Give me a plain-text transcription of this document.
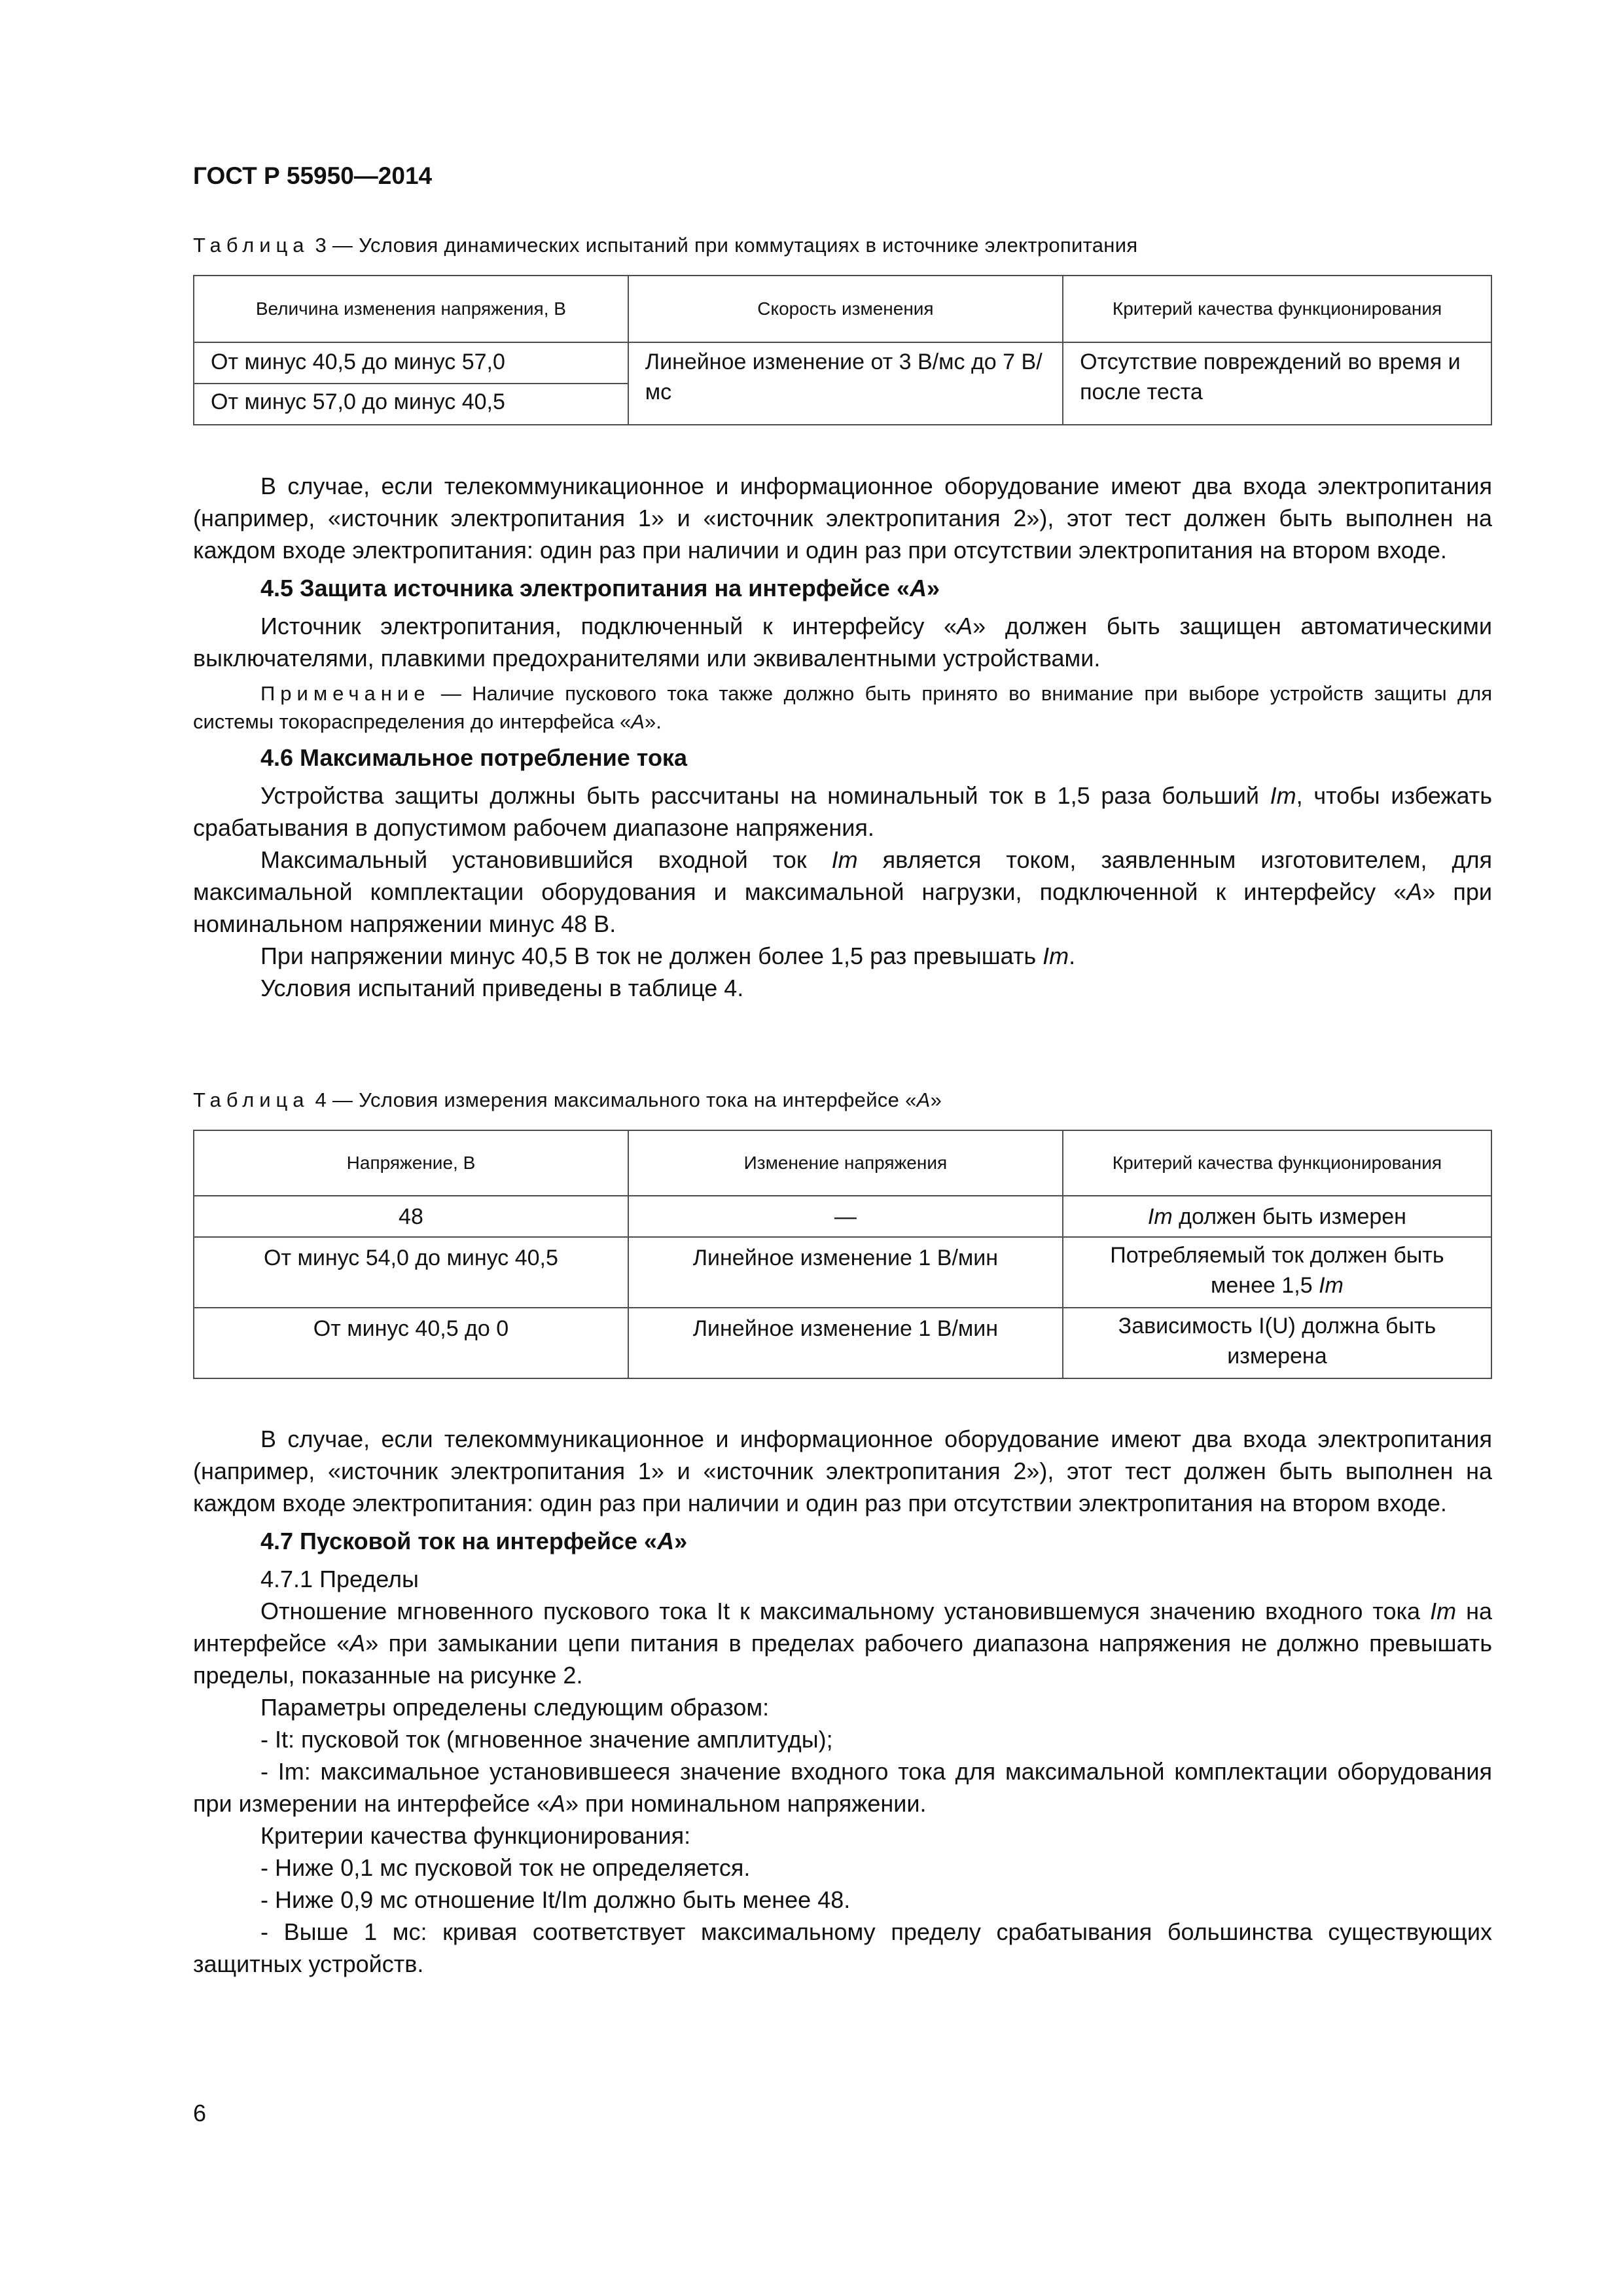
ГОСТ Р 55950—2014
Таблица 3 — Условия динамических испытаний при коммутациях в источнике электропитания
Величина изменения напряжения, В	Скорость изменения	Критерий качества функционирования
От минус 40,5 до минус 57,0	Линейное изменение от 3 В/мс до 7 В/мс	Отсутствие повреждений во время и после теста
От минус 57,0 до минус 40,5		

В случае, если телекоммуникационное и информационное оборудование имеют два входа электропитания (например, «источник электропитания 1» и «источник электропитания 2»), этот тест должен быть выполнен на каждом входе электропитания: один раз при наличии и один раз при отсутствии электропитания на втором входе.

4.5 Защита источника электропитания на интерфейсе «A»

Источник электропитания, подключенный к интерфейсу «A» должен быть защищен автоматическими выключателями, плавкими предохранителями или эквивалентными устройствами.

Примечание — Наличие пускового тока также должно быть принято во внимание при выборе устройств защиты для системы токораспределения до интерфейса «A».

4.6 Максимальное потребление тока

Устройства защиты должны быть рассчитаны на номинальный ток в 1,5 раза больший Im, чтобы избежать срабатывания в допустимом рабочем диапазоне напряжения.

Максимальный установившийся входной ток Im является током, заявленным изготовителем, для максимальной комплектации оборудования и максимальной нагрузки, подключенной к интерфейсу «A» при номинальном напряжении минус 48 В.

При напряжении минус 40,5 В ток не должен более 1,5 раз превышать Im.

Условия испытаний приведены в таблице 4.

Таблица 4 — Условия измерения максимального тока на интерфейсе «A»
Напряжение, В	Изменение напряжения	Критерий качества функционирования
48	—	Im должен быть измерен
От минус 54,0 до минус 40,5	Линейное изменение 1 В/мин	Потребляемый ток должен быть менее 1,5 Im
От минус 40,5 до 0	Линейное изменение 1 В/мин	Зависимость I(U) должна быть измерена

В случае, если телекоммуникационное и информационное оборудование имеют два входа электропитания (например, «источник электропитания 1» и «источник электропитания 2»), этот тест должен быть выполнен на каждом входе электропитания: один раз при наличии и один раз при отсутствии электропитания на втором входе.

4.7 Пусковой ток на интерфейсе «A»

4.7.1 Пределы

Отношение мгновенного пускового тока It к максимальному установившемуся значению входного тока Im на интерфейсе «A» при замыкании цепи питания в пределах рабочего диапазона напряжения не должно превышать пределы, показанные на рисунке 2.

Параметры определены следующим образом:

- It: пусковой ток (мгновенное значение амплитуды);

- Im: максимальное установившееся значение входного тока для максимальной комплектации оборудования при измерении на интерфейсе «A» при номинальном напряжении.

Критерии качества функционирования:

- Ниже 0,1 мс пусковой ток не определяется.

- Ниже 0,9 мс отношение It/Im должно быть менее 48.

- Выше 1 мс: кривая соответствует максимальному пределу срабатывания большинства существующих защитных устройств.

6
